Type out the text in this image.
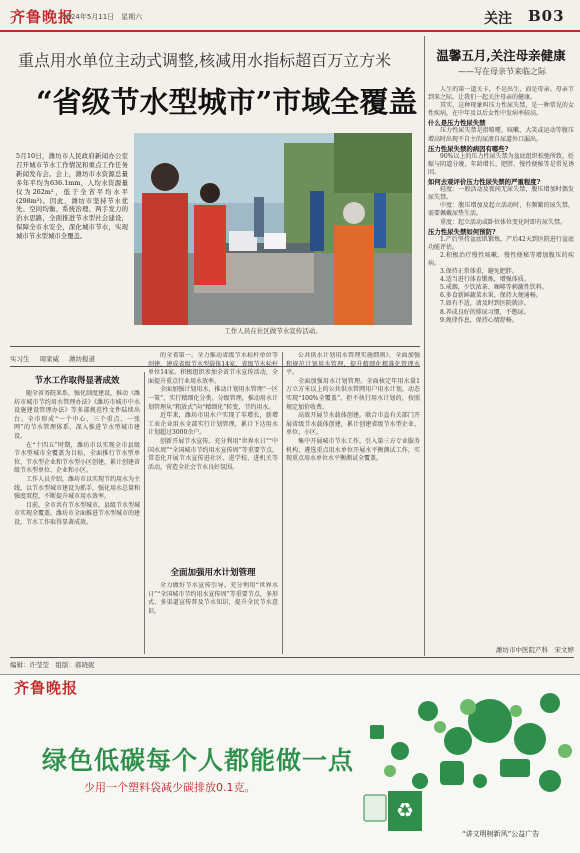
齐鲁晚报
2024年5月11日　星期六	关注 B03
重点用水单位主动式调整,核减用水指标超百万立方米
“省级节水型城市”市域全覆盖
5月10日，潍坊市人民政府新闻办公室召开城市节水工作情况和重点工作任务新闻发布会。会上，潍坊市水资源总量多年平均为636.1mm，人均水资源量仅为262m³，低于全省平均水平(298m³)。因此，潍坊市坚持节水优先、空间均衡、系统治理、两手发力的治水思路，全面推进节水型社会建设，保障全市水安全，深化城市节水，实现城市节水型城市全覆盖。
工作人员在社区做节水宣传活动。
实习生 周家威 潍坊报道
节水工作取得显著成效

随全省务院来系，强化制度建设，推动《潍坊市城市节约用水管理办法》《潍坊市城市中水设施建设管理办法》等多部规范性文件陆续出台。全市形成“一个中心、三个重点、一张网”的节水管理体系，深入推进节水型城市建设。

在“十四五”时期，潍坊市以实现全市县级节水型城市全覆盖为目标，全面推行节水型单位、节水型企业和节水型小区创建，累计创建省级节水型单位、企业和小区。

工作人员介绍，潍坊市以实现节约用水为主线，以节水型城市建设为抓手，强化用水总量和强度双控，不断提升城市用水效率。

目前，全市共有节水型城市，县级节水型城市实现全覆盖。潍坊市全面推进节水型城市的建设，节水工作取得显著成效。

的全省第一。全力推动省级节水标杆单位等创建，建成省级节水型载体14家，省级节水标杆单位14家。积极组织参加全省节水宣传活动，全面提升重点行业用水效率。

全面加强计划用水，推动计划用水管理“一区一策”，实行精细化分类、分级管理，推动用水计划管理从“粗放式”向“精细化”转变，节约用水。

近年来，潍坊市用水户实现了零增长，新增工业企业用水全部实行计划管理，累计下达用水计划超过3000余户。

创新开展节水宣传。充分利用“世界水日”“中国水周”“全国城市节约用水宣传周”等重要节点，常态化开展节水宣传进社区、进学校、进机关等活动，营造全社会节水良好氛围。

全面加强用水计划管理

全力做好节水宣传引导。充分利用“世界水日”“全国城市节约用水宣传周”等重要节点，多形式、多渠道宣传普及节水知识，提升全民节水意识。

公共供水计划用水管理实施细则》，全面加强和规范计划用水管理，提升精细化精准化管理水平。

全面加强用水计划管理。全面核定年用水量1万立方米以上的公共供水管网用户用水计划，动态实现“100%全覆盖”。拒不执行用水计划的，按照规定加价收费。

高效开展节水载体创建。联合市直有关部门开展省级节水载体创建，累计创建省级节水型企业、单位、小区。

集中开展城市节水工作，引入第三方专业服务机构，遴选重点用水单位开展水平衡测试工作，实现重点用水单位水平衡测试全覆盖。

温馨五月,关注母亲健康
——写在母亲节来临之际

人生的第一道关卡，不是出生，而是母亲。母亲节到来之际，让我们一起关注母亲的健康。

其实，这种现象叫压力性尿失禁，是一种常见的女性疾病，在中年及以后女性中发病率较高。

什么是压力性尿失禁

压力性尿失禁是指喷嚏、咳嗽、大笑或运动等腹压增高时出现不自主的尿液自尿道外口漏出。

压力性尿失禁的病因有哪些?

90%以上的压力性尿失禁为盆底组织松弛所致，妊娠与阴道分娩、年龄增长、肥胖、慢性便秘等是常见诱因。

如何去观评价压力性尿失禁的严重程度?

轻度：一般活动及夜间无尿失禁，腹压增加时偶发尿失禁。

中度：腹压增加及起立活动时，有频繁的尿失禁，需要佩戴尿垫生活。

重度：起立活动或卧位体位变化时即有尿失禁。

压力性尿失禁如何预防?

1.产后坚持盆底肌锻炼，产后42天到医院进行盆底功能评估。

2.积极治疗慢性咳嗽、慢性便秘等增加腹压的疾病。

3.保持正常体重，避免肥胖。

4.适当进行体育锻炼，增强体质。

5.戒烟，少饮浓茶、咖啡等刺激性饮料。

6.多食新鲜蔬菜水果，保持大便通畅。

7.如有不适，请及时到医院就诊。

8.养成良好的排尿习惯，不憋尿。

9.规律作息，保持心情舒畅。

潍坊市中医院产科　宋文婷
编辑：许莹莹　组版：郝晓妮
齐鲁晚报
♻
绿色低碳每个人都能做一点
少用一个塑料袋减少碳排放0.1克。
“讲文明树新风”公益广告
